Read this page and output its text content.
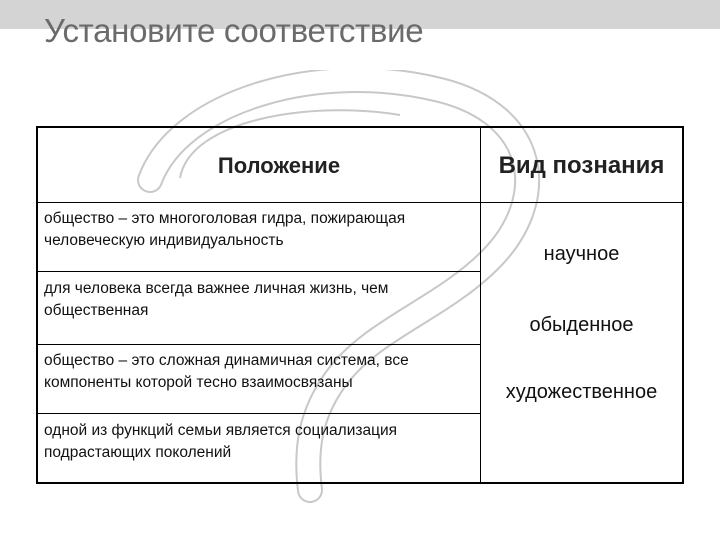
Установите соответствие
Положение	Вид познания
общество – это многоголовая гидра, пожирающая человеческую индивидуальность
для человека всегда важнее личная жизнь, чем общественная
общество – это сложная динамичная система, все компоненты которой тесно взаимосвязаны
одной из функций семьи является социализация подрастающих поколений
научное
обыденное
художественное
